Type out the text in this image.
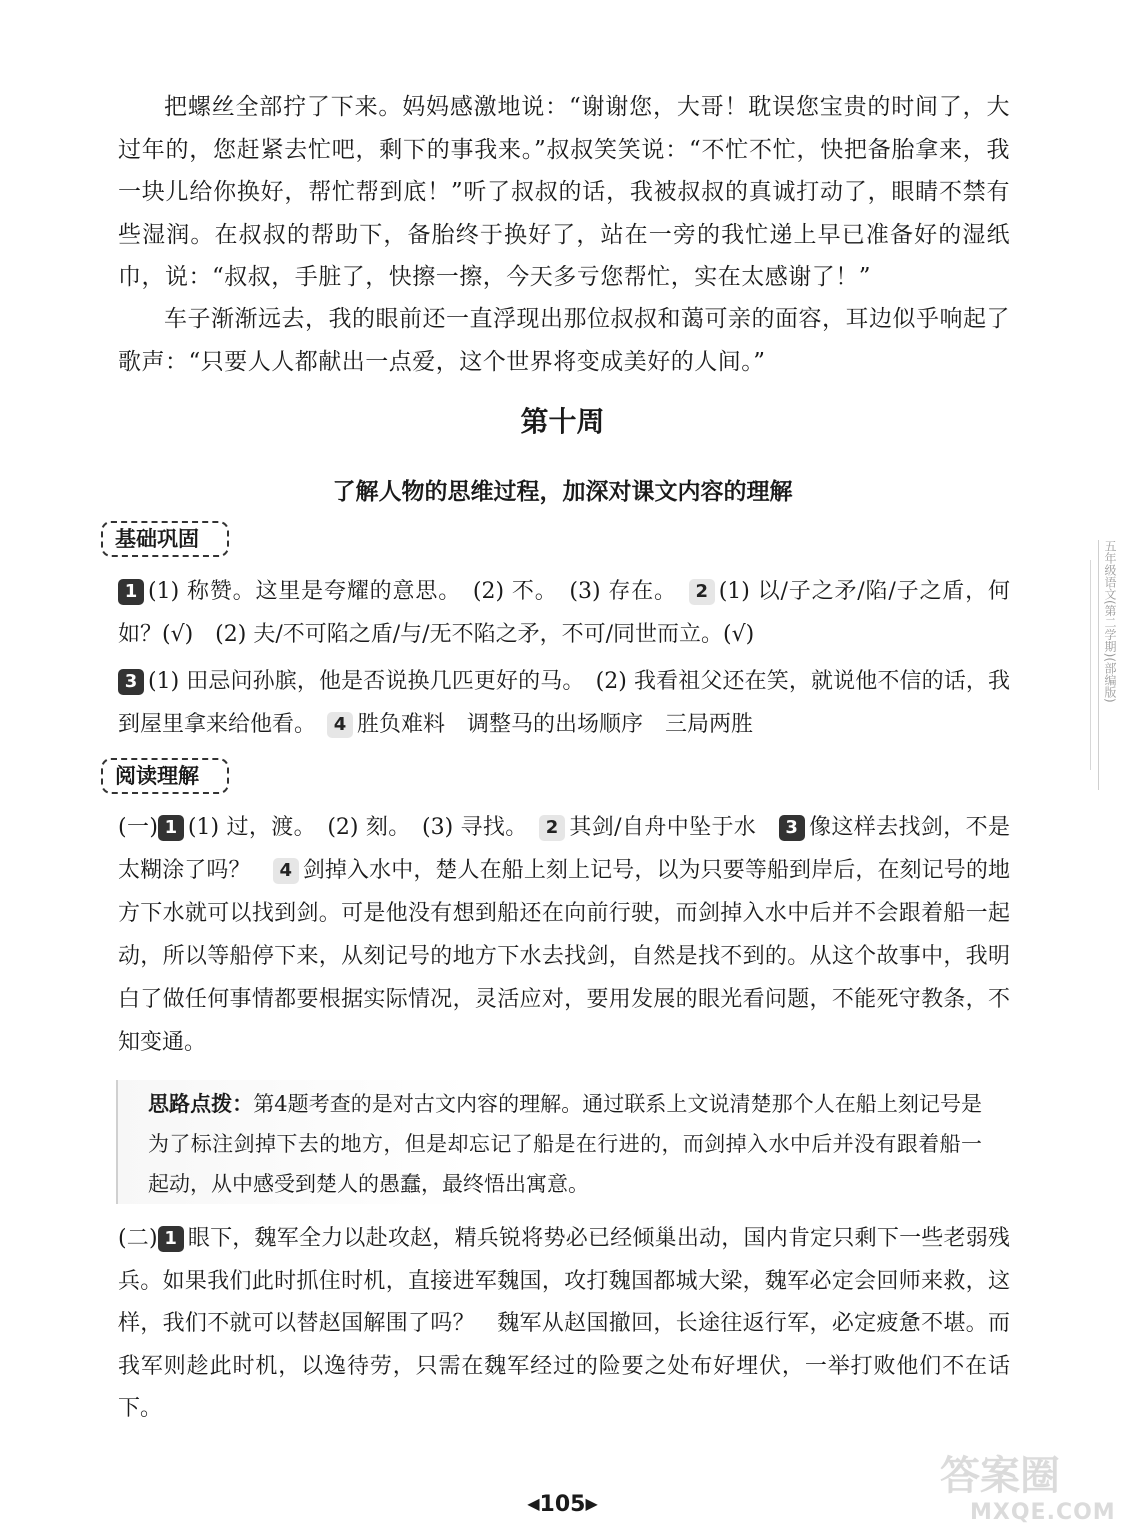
把螺丝全部拧了下来。妈妈感激地说：“谢谢您，大哥！耽误您宝贵的时间了，大过年的，您赶紧去忙吧，剩下的事我来。”叔叔笑笑说：“不忙不忙，快把备胎拿来，我一块儿给你换好，帮忙帮到底！”听了叔叔的话，我被叔叔的真诚打动了，眼睛不禁有些湿润。在叔叔的帮助下，备胎终于换好了，站在一旁的我忙递上早已准备好的湿纸巾，说：“叔叔，手脏了，快擦一擦，今天多亏您帮忙，实在太感谢了！”

车子渐渐远去，我的眼前还一直浮现出那位叔叔和蔼可亲的面容，耳边似乎响起了歌声：“只要人人都献出一点爱，这个世界将变成美好的人间。”

第十周
了解人物的思维过程，加深对课文内容的理解
基础巩固

1 (1) 称赞。这里是夸耀的意思。　(2) 不。　(3) 存在。　 2 (1) 以/子之矛/陷/子之盾，何如？(√)　(2) 夫/不可陷之盾/与/无不陷之矛，不可/同世而立。(√)

3 (1) 田忌问孙膑，他是否说换几匹更好的马。　(2) 我看祖父还在笑，就说他不信的话，我到屋里拿来给他看。　 4 胜负难料　调整马的出场顺序　三局两胜

阅读理解

(一) 1 (1) 过，渡。　(2) 刻。　(3) 寻找。　 2 其剑/自舟中坠于水　 3 像这样去找剑，不是太糊涂了吗？　 4 剑掉入水中，楚人在船上刻上记号，以为只要等船到岸后，在刻记号的地方下水就可以找到剑。可是他没有想到船还在向前行驶，而剑掉入水中后并不会跟着船一起动，所以等船停下来，从刻记号的地方下水去找剑，自然是找不到的。从这个故事中，我明白了做任何事情都要根据实际情况，灵活应对，要用发展的眼光看问题，不能死守教条，不知变通。

思路点拨：第4题考查的是对古文内容的理解。通过联系上文说清楚那个人在船上刻记号是为了标注剑掉下去的地方，但是却忘记了船是在行进的，而剑掉入水中后并没有跟着船一起动，从中感受到楚人的愚蠢，最终悟出寓意。

(二) 1 眼下，魏军全力以赴攻赵，精兵锐将势必已经倾巢出动，国内肯定只剩下一些老弱残兵。如果我们此时抓住时机，直接进军魏国，攻打魏国都城大梁，魏军必定会回师来救，这样，我们不就可以替赵国解围了吗？　魏军从赵国撤回，长途往返行军，必定疲惫不堪。而我军则趁此时机，以逸待劳，只需在魏军经过的险要之处布好埋伏，一举打败他们不在话下。

五年级语文(第二学期)(部编版)
◀105▶
答案圈
MXQE.COM
